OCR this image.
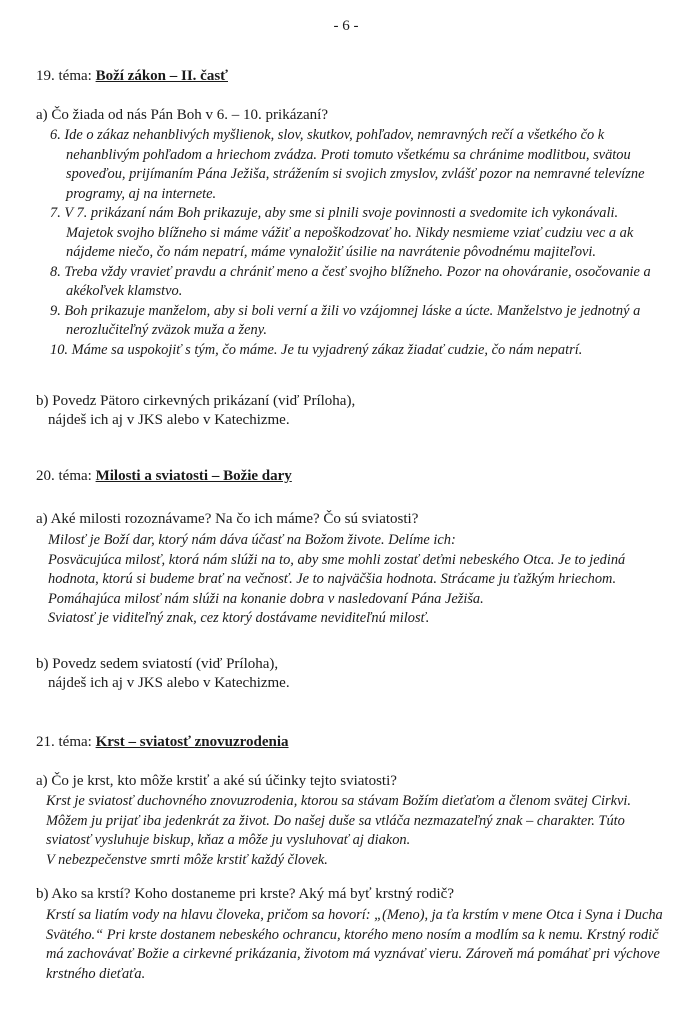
- 6 -
19. téma: Boží zákon – II. časť
a) Čo žiada od nás Pán Boh v 6. – 10. prikázaní?

6. Ide o zákaz nehanblivých myšlienok, slov, skutkov, pohľadov, nemravných rečí a všetkého čo k nehanblivým pohľadom a hriechom zvádza. Proti tomuto všetkému sa chránime modlitbou, svätou spoveďou, prijímaním Pána Ježiša, strážením si svojich zmyslov, zvlášť pozor na nemravné televízne programy, aj na internete.

7. V 7. prikázaní nám Boh prikazuje, aby sme si plnili svoje povinnosti a svedomite ich vykonávali. Majetok svojho blížneho si máme vážiť a nepoškodzovať ho. Nikdy nesmieme vziať cudziu vec a ak nájdeme niečo, čo nám nepatrí, máme vynaložiť úsilie na navrátenie pôvodnému majiteľovi.

8. Treba vždy vravieť pravdu a chrániť meno a česť svojho blížneho. Pozor na ohováranie, osočovanie a akékoľvek klamstvo.

9. Boh prikazuje manželom, aby si boli verní a žili vo vzájomnej láske a úcte. Manželstvo je jednotný a nerozlučiteľný zväzok muža a ženy.

10. Máme sa uspokojiť s tým, čo máme. Je tu vyjadrený zákaz žiadať cudzie, čo nám nepatrí.

b) Povedz Pätoro cirkevných prikázaní (viď Príloha),
nájdeš ich aj v JKS alebo v Katechizme.
20. téma: Milosti a sviatosti – Božie dary
a) Aké milosti rozoznávame? Na čo ich máme? Čo sú sviatosti?

Milosť je Boží dar, ktorý nám dáva účasť na Božom živote. Delíme ich:

Posväcujúca milosť, ktorá nám slúži na to, aby sme mohli zostať deťmi nebeského Otca. Je to jediná hodnota, ktorú si budeme brať na večnosť. Je to najväčšia hodnota. Strácame ju ťažkým hriechom.

Pomáhajúca milosť nám slúži na konanie dobra v nasledovaní Pána Ježiša.

Sviatosť je viditeľný znak, cez ktorý dostávame neviditeľnú milosť.

b) Povedz sedem sviatostí (viď Príloha),
nájdeš ich aj v JKS alebo v Katechizme.
21. téma: Krst – sviatosť znovuzrodenia
a) Čo je krst, kto môže krstiť a aké sú účinky tejto sviatosti?

Krst je sviatosť duchovného znovuzrodenia, ktorou sa stávam Božím dieťaťom a členom svätej Cirkvi. Môžem ju prijať iba jedenkrát za život. Do našej duše sa vtláča nezmazateľný znak – charakter. Túto sviatosť vysluhuje biskup, kňaz a môže ju vysluhovať aj diakon.

V nebezpečenstve smrti môže krstiť každý človek.

b) Ako sa krstí? Koho dostaneme pri krste? Aký má byť krstný rodič?

Krstí sa liatím vody na hlavu človeka, pričom sa hovorí: „(Meno), ja ťa krstím v mene Otca i Syna i Ducha Svätého.“ Pri krste dostanem nebeského ochrancu, ktorého meno nosím a modlím sa k nemu. Krstný rodič má zachovávať Božie a cirkevné prikázania, životom má vyznávať vieru. Zároveň má pomáhať pri výchove krstného dieťaťa.
